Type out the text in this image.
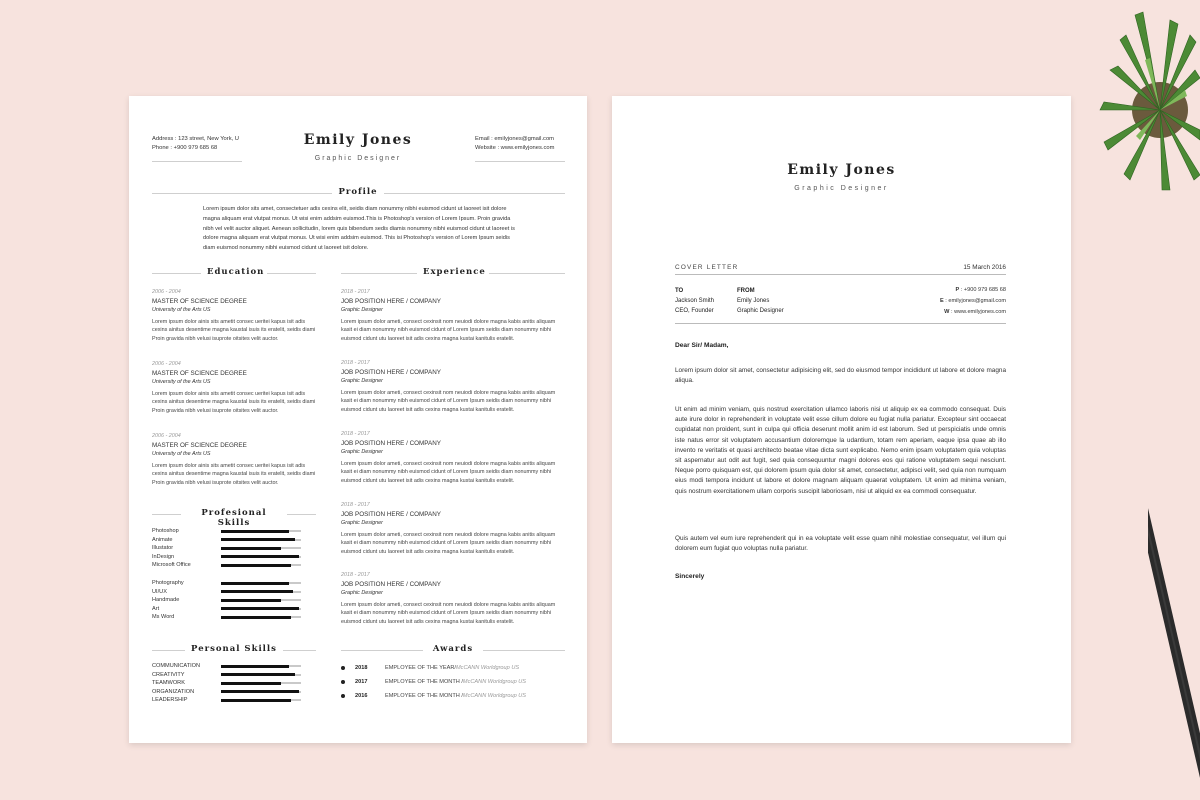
Address : 123 street, New York, U
Phone : +900 979 685 68	Emily Jones
Graphic Designer
Email : emilyjones@gmail.com
Website : www.emilyjones.com
Profile
Lorem ipsum dolor sits amet, consectetuer adis cexins elit, seidis diam nonummy nibhi euismod cidunt ut laoreet isit dolore magna aliquam erat vlutpat monus. Ut wisi enim addsim euismod.This is Photoshop's version of Lorem Ipsum. Proin gravida nibh vel velit auctor aliquet. Aenean sollicitudin, lorem quis bibendum sedis diamis nonummy nibhi euismod cidunt ut laoreet is dolore magna aliquam erat vlutpat monus. Ut wisi enim addsim euismod. This isi Photoshop's version of Lorem Ipsum seidis diam euismod nonummy nibhi euismod cidunt ut laoreet isit dolore.
Education	Experience
2006 - 2004
MASTER OF SCIENCE DEGREE
University of the Arts US
Lorem ipsum dolor ainis sits ametit consec ueritei kapus isit adis cexins ainitus desentime magna kaustal isuis its eratelit, seidis diami Proin gravida nibh velusi isuprote oitsites velit auctor.
2006 - 2004
MASTER OF SCIENCE DEGREE
University of the Arts US
Lorem ipsum dolor ainis sits ametit consec ueritei kapus isit adis cexins ainitus desentime magna kaustal isuis its eratelit, seidis diami Proin gravida nibh velusi isuprote oitsites velit auctor.
2006 - 2004
MASTER OF SCIENCE DEGREE
University of the Arts US
Lorem ipsum dolor ainis sits ametit consec ueritei kapus isit adis cexins ainitus desentime magna kaustal isuis its eratelit, seidis diami Proin gravida nibh velusi isuprote oitsites velit auctor.
2018 - 2017
JOB POSITION HERE / COMPANY
Graphic Designer
Lorem ipsum dolor ameti, consect cexinsit nom neuiodi dolore magna kabis anitis aliquam kasit ei diam nonummy nibh euismod cidunt of Lorem Ipsum seidis diam nonummy nibhi euismod cidunt utu laoreet isit adis cexins magna kustai kanitulis eratelit.
2018 - 2017
JOB POSITION HERE / COMPANY
Graphic Designer
Lorem ipsum dolor ameti, consect cexinsit nom neuiodi dolore magna kabis anitis aliquam kasit ei diam nonummy nibh euismod cidunt of Lorem Ipsum seidis diam nonummy nibhi euismod cidunt utu laoreet isit adis cexins magna kustai kanitulis eratelit.
2018 - 2017
JOB POSITION HERE / COMPANY
Graphic Designer
Lorem ipsum dolor ameti, consect cexinsit nom neuiodi dolore magna kabis anitis aliquam kasit ei diam nonummy nibh euismod cidunt of Lorem Ipsum seidis diam nonummy nibhi euismod cidunt utu laoreet isit adis cexins magna kustai kanitulis eratelit.
2018 - 2017
JOB POSITION HERE / COMPANY
Graphic Designer
Lorem ipsum dolor ameti, consect cexinsit nom neuiodi dolore magna kabis anitis aliquam kasit ei diam nonummy nibh euismod cidunt of Lorem Ipsum seidis diam nonummy nibhi euismod cidunt utu laoreet isit adis cexins magna kustai kanitulis eratelit.
2018 - 2017
JOB POSITION HERE / COMPANY
Graphic Designer
Lorem ipsum dolor ameti, consect cexinsit nom neuiodi dolore magna kabis anitis aliquam kasit ei diam nonummy nibh euismod cidunt of Lorem Ipsum seidis diam nonummy nibhi euismod cidunt utu laoreet isit adis cexins magna kustai kanitulis eratelit.
Profesional Skills
Photoshop
Animate
Illustator
InDesign
Microsoft Office
Photography
UI/UX
Handmade
Art
Ms Word
Personal Skills
COMMUNICATION
CREATIVITY
TEAMWORK
ORGANIZATION
LEADERSHIP
Awards
2018	EMPLOYEE OF THE YEAR/ McCANN Worldgroup US
2017	EMPLOYEE OF THE MONTH / McCANN Worldgroup US
2016	EMPLOYEE OF THE MONTH / McCANN Worldgroup US
Emily Jones
Graphic Designer
COVER LETTER	15 March 2016
TO
Jackson Smith
CEO, Founder
FROM
Emily Jones
Graphic Designer
P : +900 979 685 68
E : emilyjones@gmail.com
W : www.emilyjones.com
Dear Sir/ Madam,
Lorem ipsum dolor sit amet, consectetur adipisicing elit, sed do eiusmod tempor incididunt ut labore et dolore magna aliqua.
Ut enim ad minim veniam, quis nostrud exercitation ullamco laboris nisi ut aliquip ex ea commodo consequat. Duis aute irure dolor in reprehenderit in voluptate velit esse cillum dolore eu fugiat nulla pariatur. Excepteur sint occaecat cupidatat non proident, sunt in culpa qui officia deserunt mollit anim id est laborum. Sed ut perspiciatis unde omnis iste natus error sit voluptatem accusantium doloremque la udantium, totam rem aperiam, eaque ipsa quae ab illo invento re veritatis et quasi architecto beatae vitae dicta sunt explicabo. Nemo enim ipsam voluptatem quia voluptas sit aspernatur aut odit aut fugit, sed quia consequuntur magni dolores eos qui ratione voluptatem sequi nesciunt. Neque porro quisquam est, qui dolorem ipsum quia dolor sit amet, consectetur, adipisci velit, sed quia non numquam eius modi tempora incidunt ut labore et dolore magnam aliquam quaerat voluptatem. Ut enim ad minima veniam, quis nostrum exercitationem ullam corporis suscipit laboriosam, nisi ut aliquid ex ea commodi consequatur.
Quis autem vel eum iure reprehenderit qui in ea voluptate velit esse quam nihil molestiae consequatur, vel illum qui dolorem eum fugiat quo voluptas nulla pariatur.
Sincerely
